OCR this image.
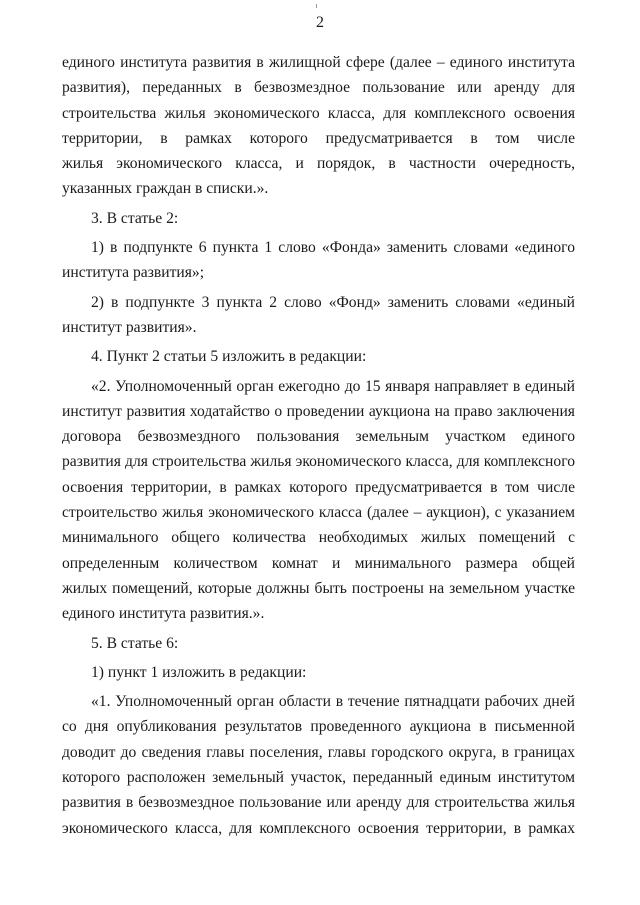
2
единого института развития в жилищной сфере (далее – единого института
развития), переданных в безвозмездное пользование или аренду для
строительства жилья экономического класса, для комплексного освоения
территории, в рамках которого предусматривается в том числе
жилья экономического класса, и порядок, в частности очередность,
указанных граждан в списки.».
3. В статье 2:
1) в подпункте 6 пункта 1 слово «Фонда» заменить словами «единого
института развития»;
2) в подпункте 3 пункта 2 слово «Фонд» заменить словами «единый
институт развития».
4. Пункт 2 статьи 5 изложить в редакции:
«2. Уполномоченный орган ежегодно до 15 января направляет в единый
институт развития ходатайство о проведении аукциона на право заключения
договора безвозмездного пользования земельным участком единого
развития для строительства жилья экономического класса, для комплексного
освоения территории, в рамках которого предусматривается в том числе
строительство жилья экономического класса (далее – аукцион), с указанием
минимального общего количества необходимых жилых помещений с
определенным количеством комнат и минимального размера общей
жилых помещений, которые должны быть построены на земельном участке
единого института развития.».
5. В статье 6:
1) пункт 1 изложить в редакции:
«1. Уполномоченный орган области в течение пятнадцати рабочих дней
со дня опубликования результатов проведенного аукциона в письменной
доводит до сведения главы поселения, главы городского округа, в границах
которого расположен земельный участок, переданный единым институтом
развития в безвозмездное пользование или аренду для строительства жилья
экономического класса, для комплексного освоения территории, в рамках
